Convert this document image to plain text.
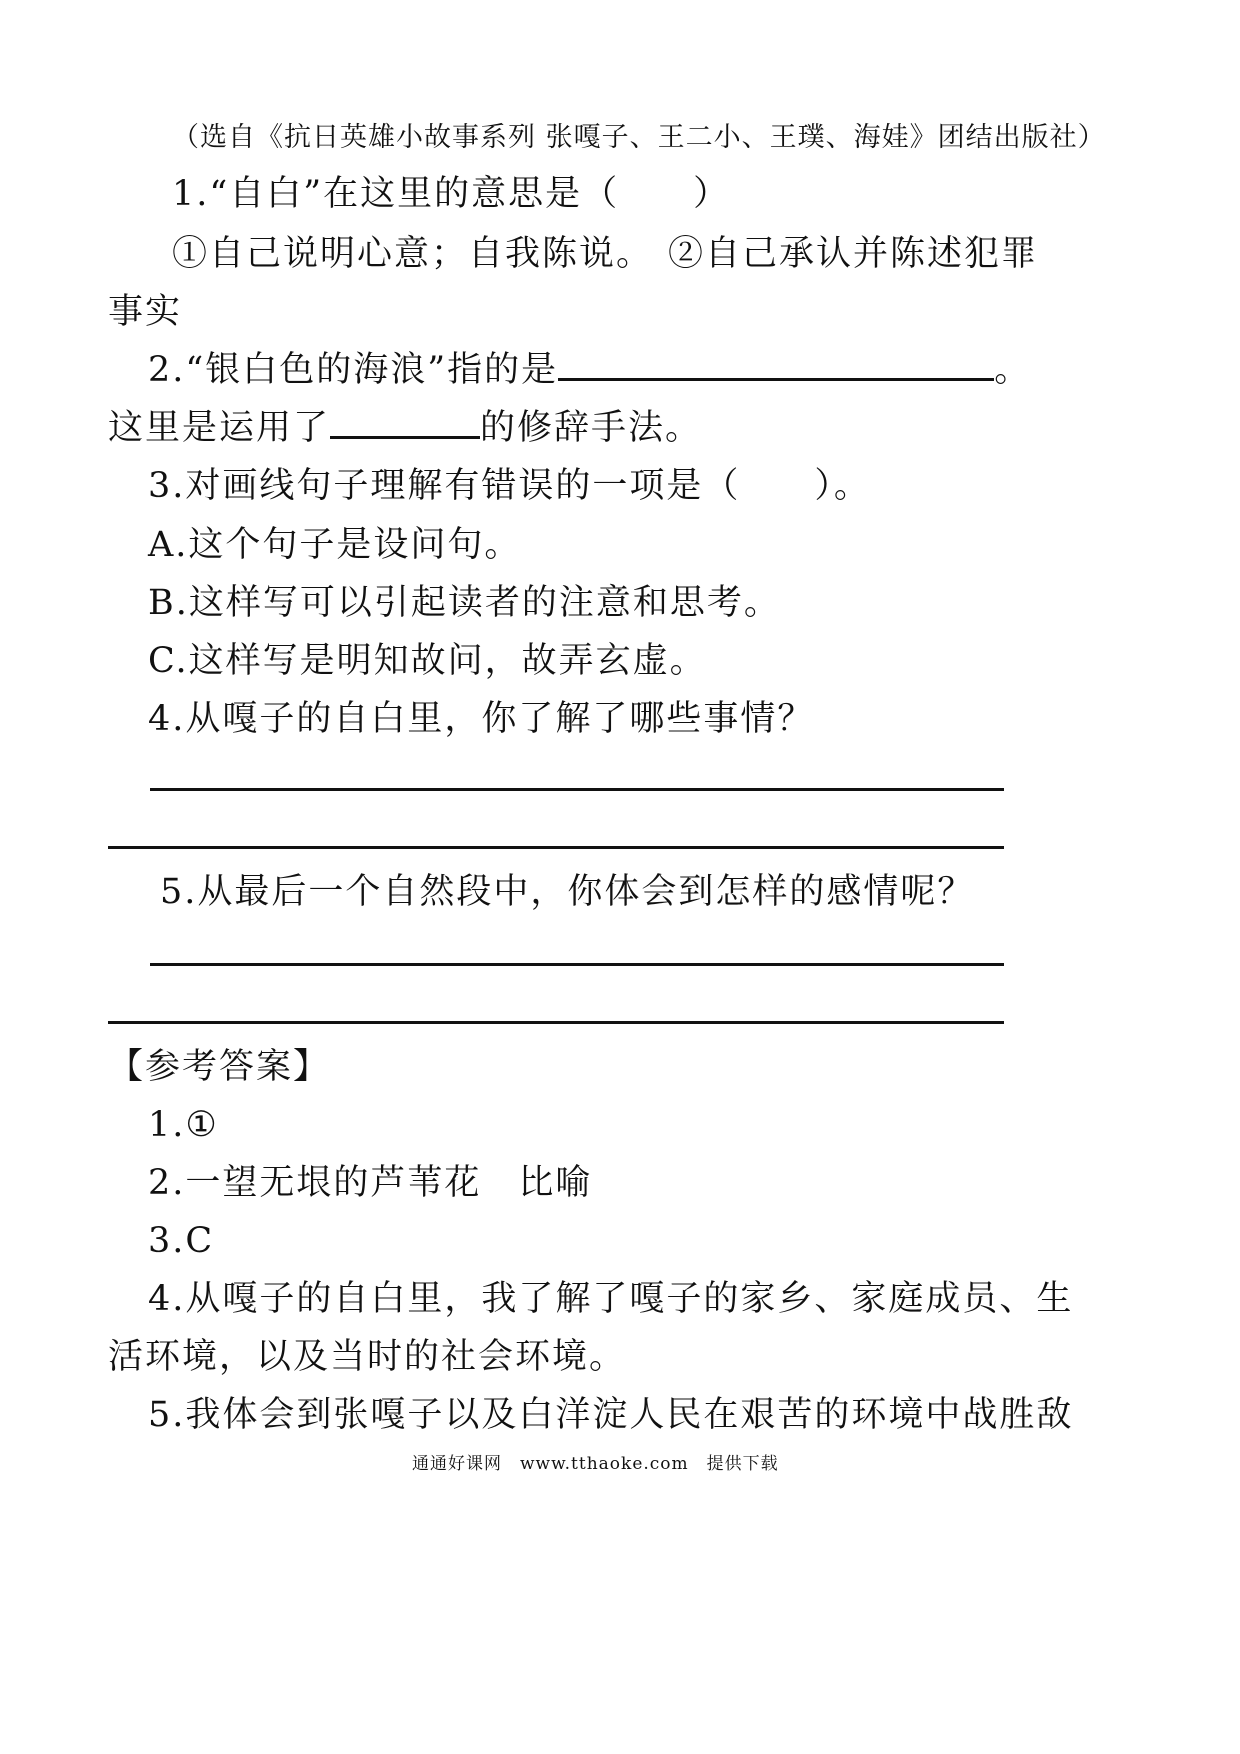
（选自《抗日英雄小故事系列 张嘎子、王二小、王璞、海娃》团结出版社）
1.“自白”在这里的意思是（　　）
①自己说明心意；自我陈说。 ②自己承认并陈述犯罪
事实
2.“银白色的海浪”指的是	。
这里是运用了	的修辞手法。
3.对画线句子理解有错误的一项是（　　）。
A.这个句子是设问句。
B.这样写可以引起读者的注意和思考。
C.这样写是明知故问，故弄玄虚。
4.从嘎子的自白里，你了解了哪些事情？
5.从最后一个自然段中，你体会到怎样的感情呢？
【参考答案】
1.①
2.一望无垠的芦苇花　比喻
3.C
4.从嘎子的自白里，我了解了嘎子的家乡、家庭成员、生
活环境，以及当时的社会环境。
5.我体会到张嘎子以及白洋淀人民在艰苦的环境中战胜敌
通通好课网　www.tthaoke.com　提供下载
